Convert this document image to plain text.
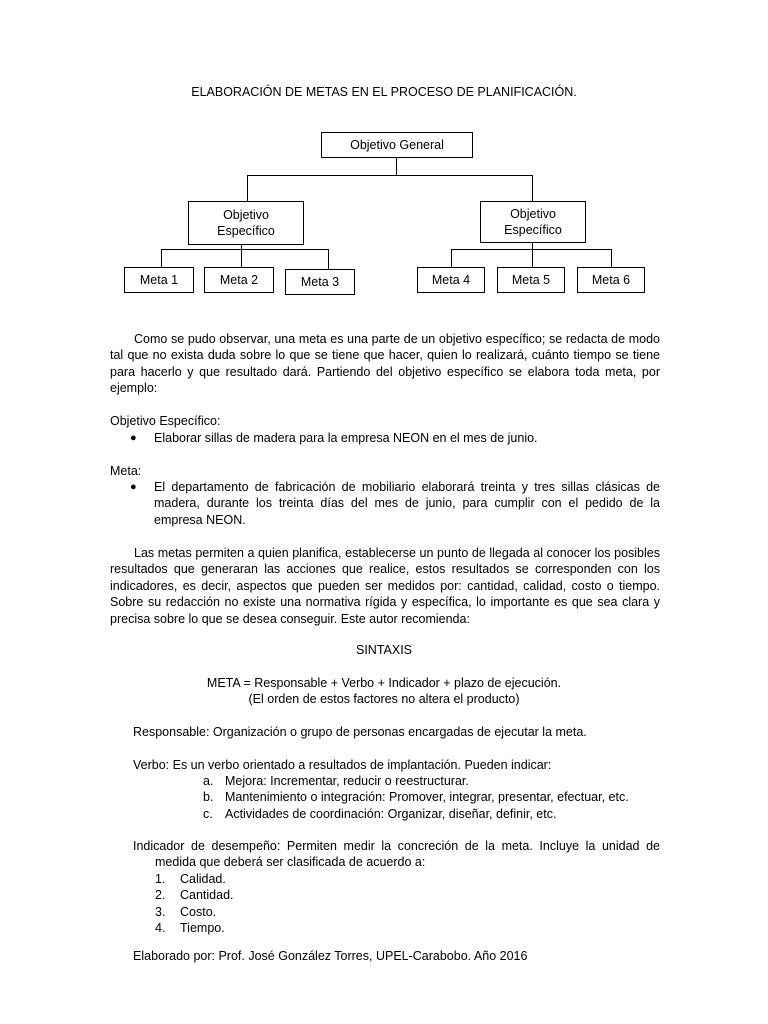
ELABORACIÓN DE METAS EN EL PROCESO DE PLANIFICACIÓN.
Objetivo General
Objetivo Específico
Objetivo Específico
Meta 1	Meta 2	Meta 3	Meta 4	Meta 5	Meta 6
Como se pudo observar, una meta es una parte de un objetivo específico; se redacta de modo tal que no exista duda sobre lo que se tiene que hacer, quien lo realizará, cuánto tiempo se tiene para hacerlo y que resultado dará. Partiendo del objetivo específico se elabora toda meta, por ejemplo:
Objetivo Específico:
●	Elaborar sillas de madera para la empresa NEON en el mes de junio.
Meta:
●	El departamento de fabricación de mobiliario elaborará treinta y tres sillas clásicas de madera, durante los treinta días del mes de junio, para cumplir con el pedido de la empresa NEON.
Las metas permiten a quien planifica, establecerse un punto de llegada al conocer los posibles resultados que generaran las acciones que realice, estos resultados se corresponden con los indicadores, es decir, aspectos que pueden ser medidos por: cantidad, calidad, costo o tiempo. Sobre su redacción no existe una normativa rígida y específica, lo importante es que sea clara y precisa sobre lo que se desea conseguir. Este autor recomienda:
SINTAXIS
META = Responsable + Verbo + Indicador + plazo de ejecución.
(El orden de estos factores no altera el producto)
Responsable: Organización o grupo de personas encargadas de ejecutar la meta.
Verbo: Es un verbo orientado a resultados de implantación. Pueden indicar:
a. Mejora: Incrementar, reducir o reestructurar.
b. Mantenimiento o integración: Promover, integrar, presentar, efectuar, etc.
c. Actividades de coordinación: Organizar, diseñar, definir, etc.
Indicador de desempeño: Permiten medir la concreción de la meta. Incluye la unidad de medida que deberá ser clasificada de acuerdo a:
1.	Calidad.
2.	Cantidad.
3.	Costo.
4.	Tiempo.
Elaborado por: Prof. José González Torres, UPEL-Carabobo. Año 2016
